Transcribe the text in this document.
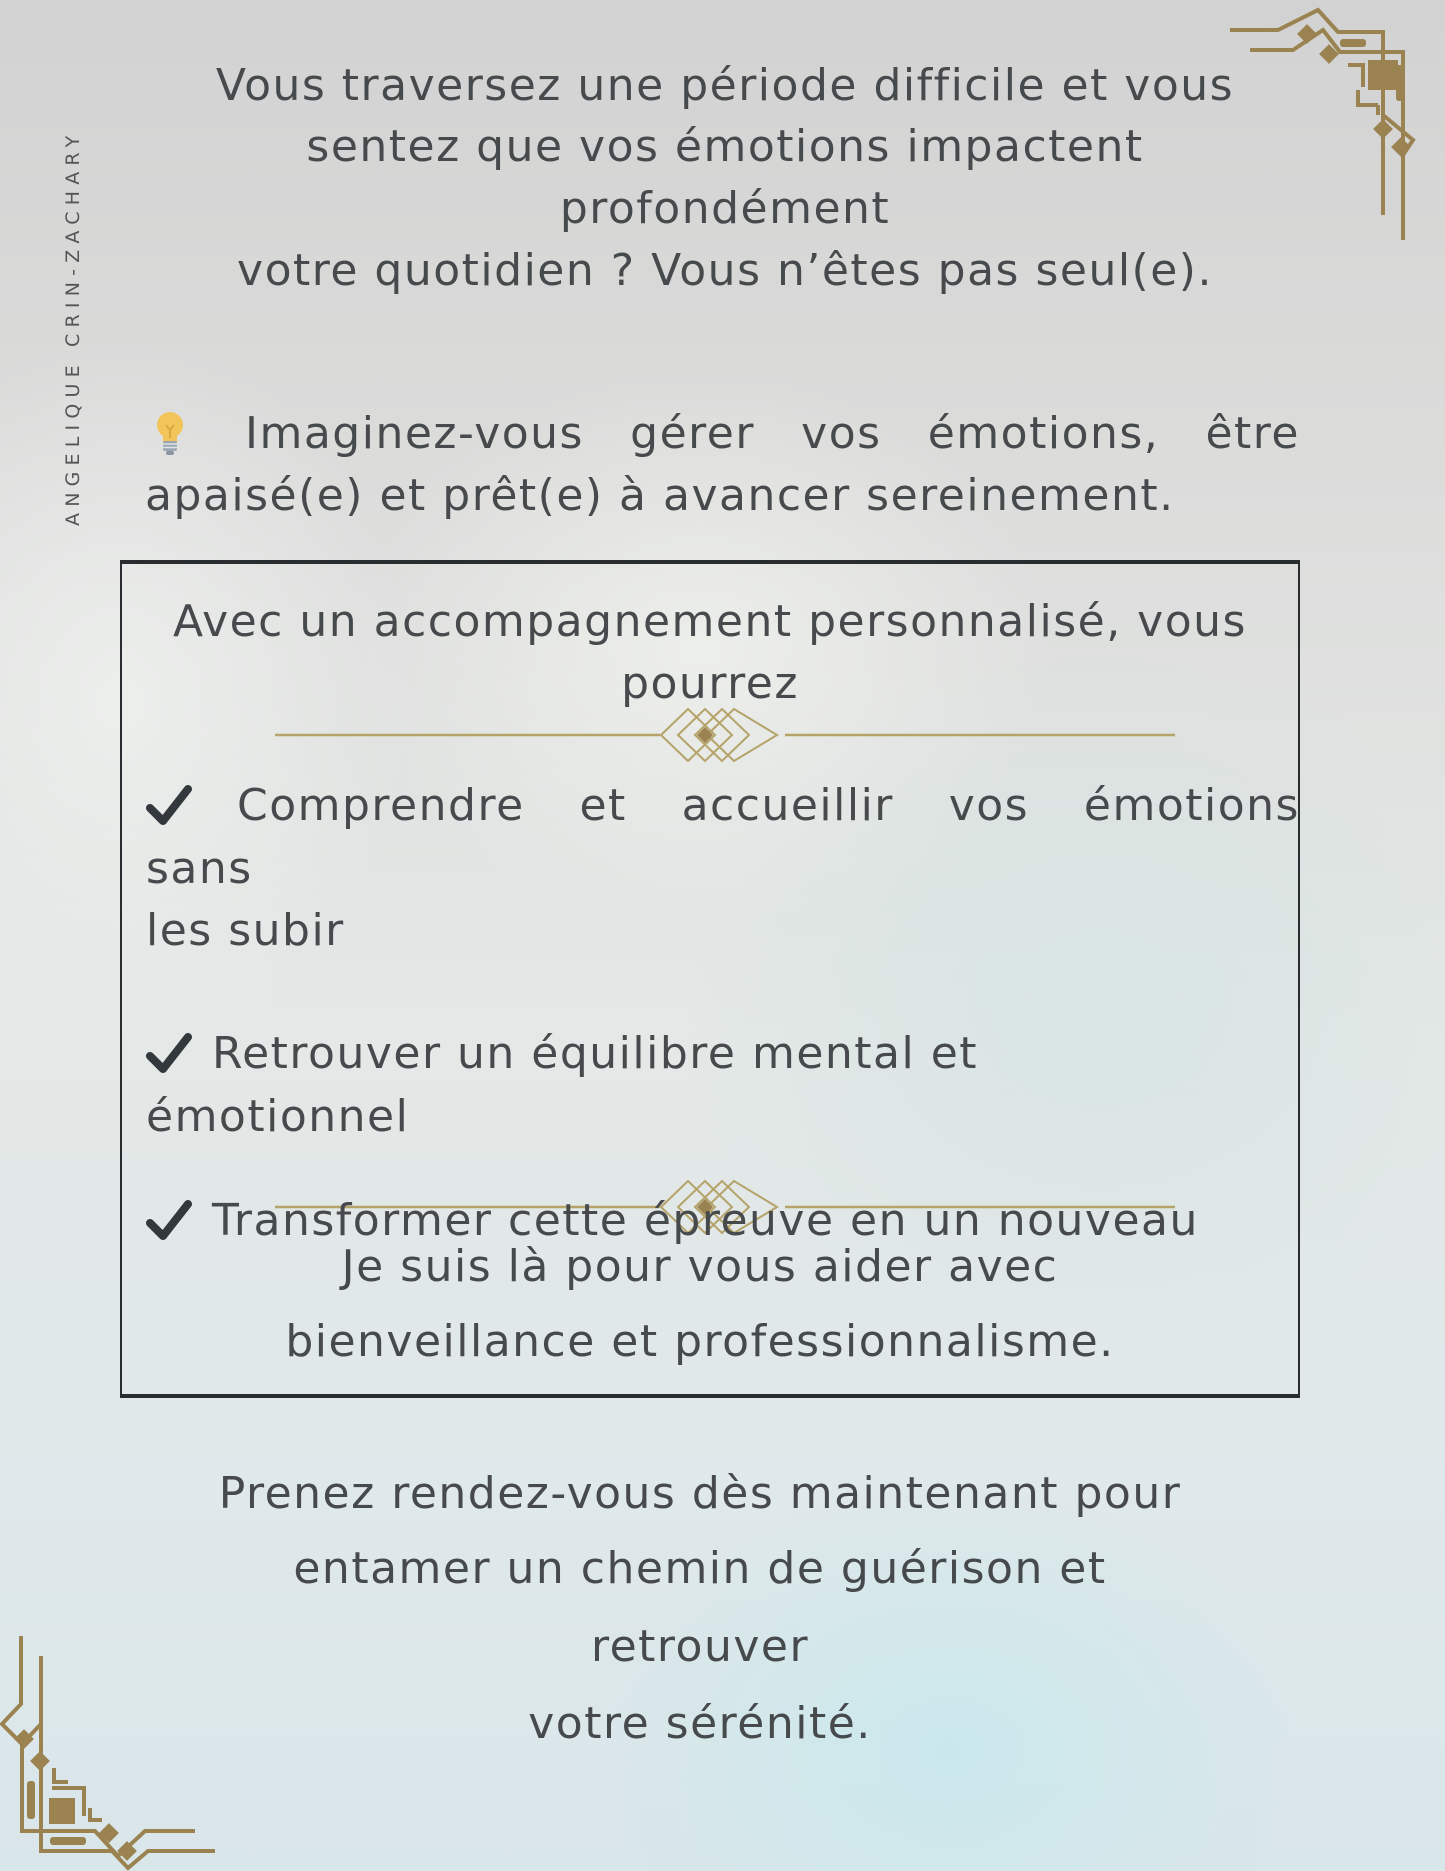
ANGELIQUE CRIN-ZACHARY
Vous traversez une période difficile et vous
sentez que vos émotions impactent
profondément
votre quotidien ? Vous n’êtes pas seul(e).
Imaginez-vous gérer vos émotions, être
apaisé(e) et prêt(e) à avancer sereinement.
Avec un accompagnement personnalisé, vous
pourrez
Comprendre et accueillir vos émotions
sans
les subir
Retrouver un équilibre mental et
émotionnel
Transformer cette épreuve en un nouveau
Je suis là pour vous aider avec
bienveillance et professionnalisme.
Prenez rendez-vous dès maintenant pour
entamer un chemin de guérison et
retrouver
votre sérénité.
